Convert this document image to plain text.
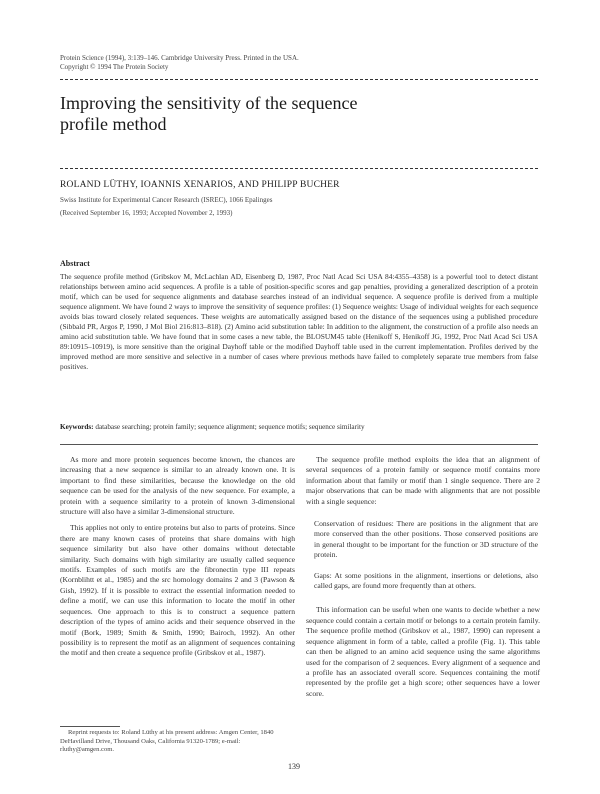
Protein Science (1994), 3:139–146. Cambridge University Press. Printed in the USA.
Copyright © 1994 The Protein Society
Improving the sensitivity of the sequence profile method
ROLAND LÜTHY, IOANNIS XENARIOS, AND PHILIPP BUCHER
Swiss Institute for Experimental Cancer Research (ISREC), 1066 Epalinges
(Received September 16, 1993; Accepted November 2, 1993)
Abstract
The sequence profile method (Gribskov M, McLachlan AD, Eisenberg D, 1987, Proc Natl Acad Sci USA 84:4355–4358) is a powerful tool to detect distant relationships between amino acid sequences. A profile is a table of position-specific scores and gap penalties, providing a generalized description of a protein motif, which can be used for sequence alignments and database searches instead of an individual sequence. A sequence profile is derived from a multiple sequence alignment. We have found 2 ways to improve the sensitivity of sequence profiles: (1) Sequence weights: Usage of individual weights for each sequence avoids bias toward closely related sequences. These weights are automatically assigned based on the distance of the sequences using a published procedure (Sibbald PR, Argos P, 1990, J Mol Biol 216:813–818). (2) Amino acid substitution table: In addition to the alignment, the construction of a profile also needs an amino acid substitution table. We have found that in some cases a new table, the BLOSUM45 table (Henikoff S, Henikoff JG, 1992, Proc Natl Acad Sci USA 89:10915–10919), is more sensitive than the original Dayhoff table or the modified Dayhoff table used in the current implementation. Profiles derived by the improved method are more sensitive and selective in a number of cases where previous methods have failed to completely separate true members from false positives.
Keywords: database searching; protein family; sequence alignment; sequence motifs; sequence similarity

As more and more protein sequences become known, the chances are increasing that a new sequence is similar to an already known one. It is important to find these similarities, because the knowledge on the old sequence can be used for the analysis of the new sequence. For example, a protein with a sequence similarity to a protein of known 3-dimensional structure will also have a similar 3-dimensional structure.

This applies not only to entire proteins but also to parts of proteins. Since there are many known cases of proteins that share domains with high sequence similarity but also have other domains without detectable similarity. Such domains with high similarity are usually called sequence motifs. Examples of such motifs are the fibronectin type III repeats (Kornblihtt et al., 1985) and the src homology domains 2 and 3 (Pawson & Gish, 1992). If it is possible to extract the essential information needed to define a motif, we can use this information to locate the motif in other sequences. One approach to this is to construct a sequence pattern description of the types of amino acids and their sequence observed in the motif (Bork, 1989; Smith & Smith, 1990; Bairoch, 1992). An other possibility is to represent the motif as an alignment of sequences containing the motif and then create a sequence profile (Gribskov et al., 1987).

Reprint requests to: Roland Lüthy at his present address: Amgen Center, 1840 DeHavilland Drive, Thousand Oaks, California 91320-1789; e-mail: rluthy@amgen.com.

The sequence profile method exploits the idea that an alignment of several sequences of a protein family or sequence motif contains more information about that family or motif than 1 single sequence. There are 2 major observations that can be made with alignments that are not possible with a single sequence:

Conservation of residues: There are positions in the alignment that are more conserved than the other positions. Those conserved positions are in general thought to be important for the function or 3D structure of the protein.

Gaps: At some positions in the alignment, insertions or deletions, also called gaps, are found more frequently than at others.

This information can be useful when one wants to decide whether a new sequence could contain a certain motif or belongs to a certain protein family. The sequence profile method (Gribskov et al., 1987, 1990) can represent a sequence alignment in form of a table, called a profile (Fig. 1). This table can then be aligned to an amino acid sequence using the same algorithms used for the comparison of 2 sequences. Every alignment of a sequence and a profile has an associated overall score. Sequences containing the motif represented by the profile get a high score; other sequences have a lower score.

139
